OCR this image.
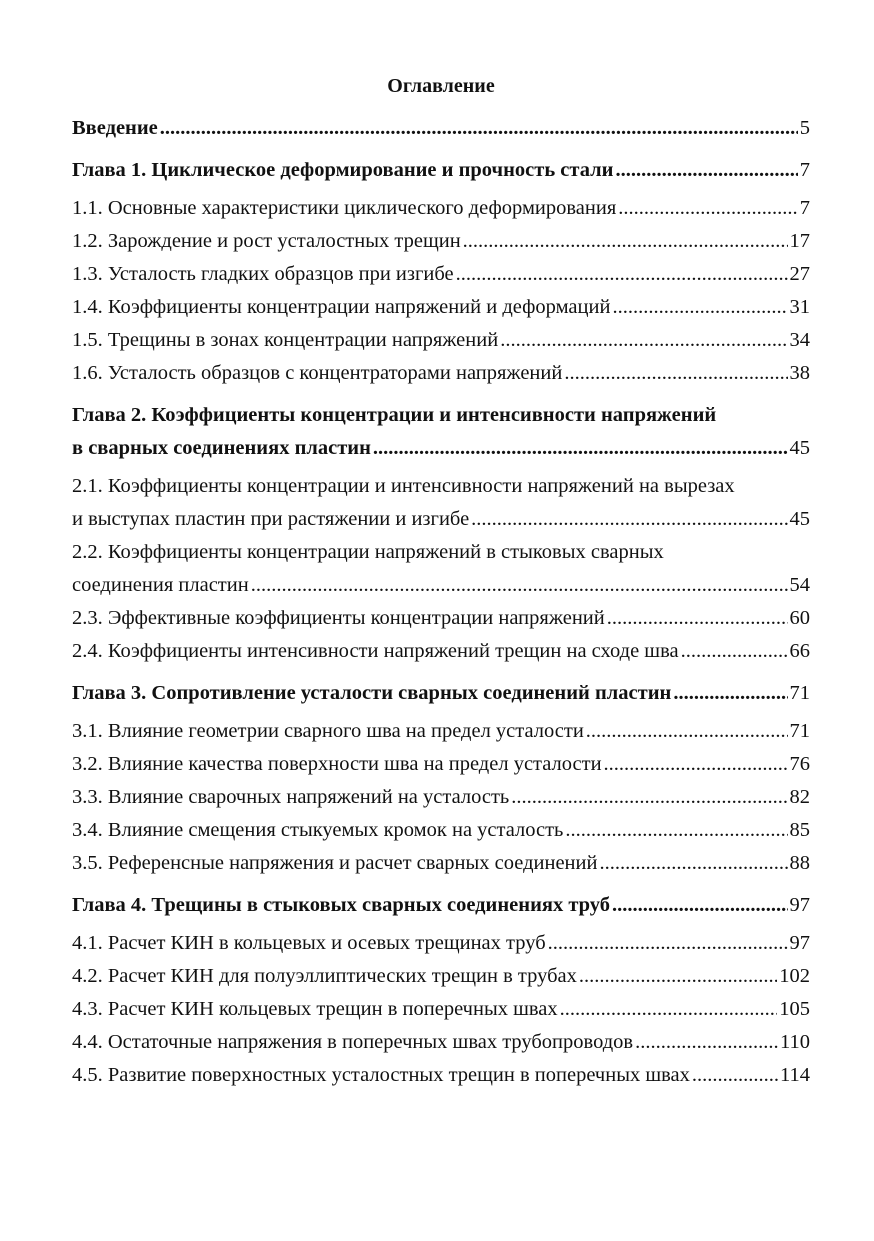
Оглавление
Введение .....	5
Глава 1. Циклическое деформирование и прочность стали .....	7
1.1. Основные характеристики циклического деформирования .....	7
1.2. Зарождение и рост усталостных трещин .....	17
1.3. Усталость гладких образцов при изгибе .....	27
1.4. Коэффициенты концентрации напряжений и деформаций .....	31
1.5. Трещины в зонах концентрации напряжений .....	34
1.6. Усталость образцов с концентраторами напряжений .....	38
Глава 2. Коэффициенты концентрации и интенсивности напряжений
в сварных соединениях пластин .....	45
2.1. Коэффициенты концентрации и интенсивности напряжений на вырезах
и выступах пластин при растяжении и изгибе .....	45
2.2. Коэффициенты концентрации напряжений в стыковых сварных
соединения пластин .....	54
2.3. Эффективные коэффициенты концентрации напряжений .....	60
2.4. Коэффициенты интенсивности напряжений трещин на сходе шва .....	66
Глава 3. Сопротивление усталости сварных соединений пластин .....	71
3.1. Влияние геометрии сварного шва на предел усталости .....	71
3.2. Влияние качества поверхности шва на предел усталости .....	76
3.3. Влияние сварочных напряжений на усталость .....	82
3.4. Влияние смещения стыкуемых кромок на усталость .....	85
3.5. Референсные напряжения и расчет сварных соединений .....	88
Глава 4. Трещины в стыковых сварных соединениях труб .....	97
4.1. Расчет КИН в кольцевых и осевых трещинах труб .....	97
4.2. Расчет КИН для полуэллиптических трещин в трубах .....	102
4.3. Расчет КИН кольцевых трещин в поперечных швах .....	105
4.4. Остаточные напряжения в поперечных швах трубопроводов .....	110
4.5. Развитие поверхностных усталостных трещин в поперечных швах .....	114
